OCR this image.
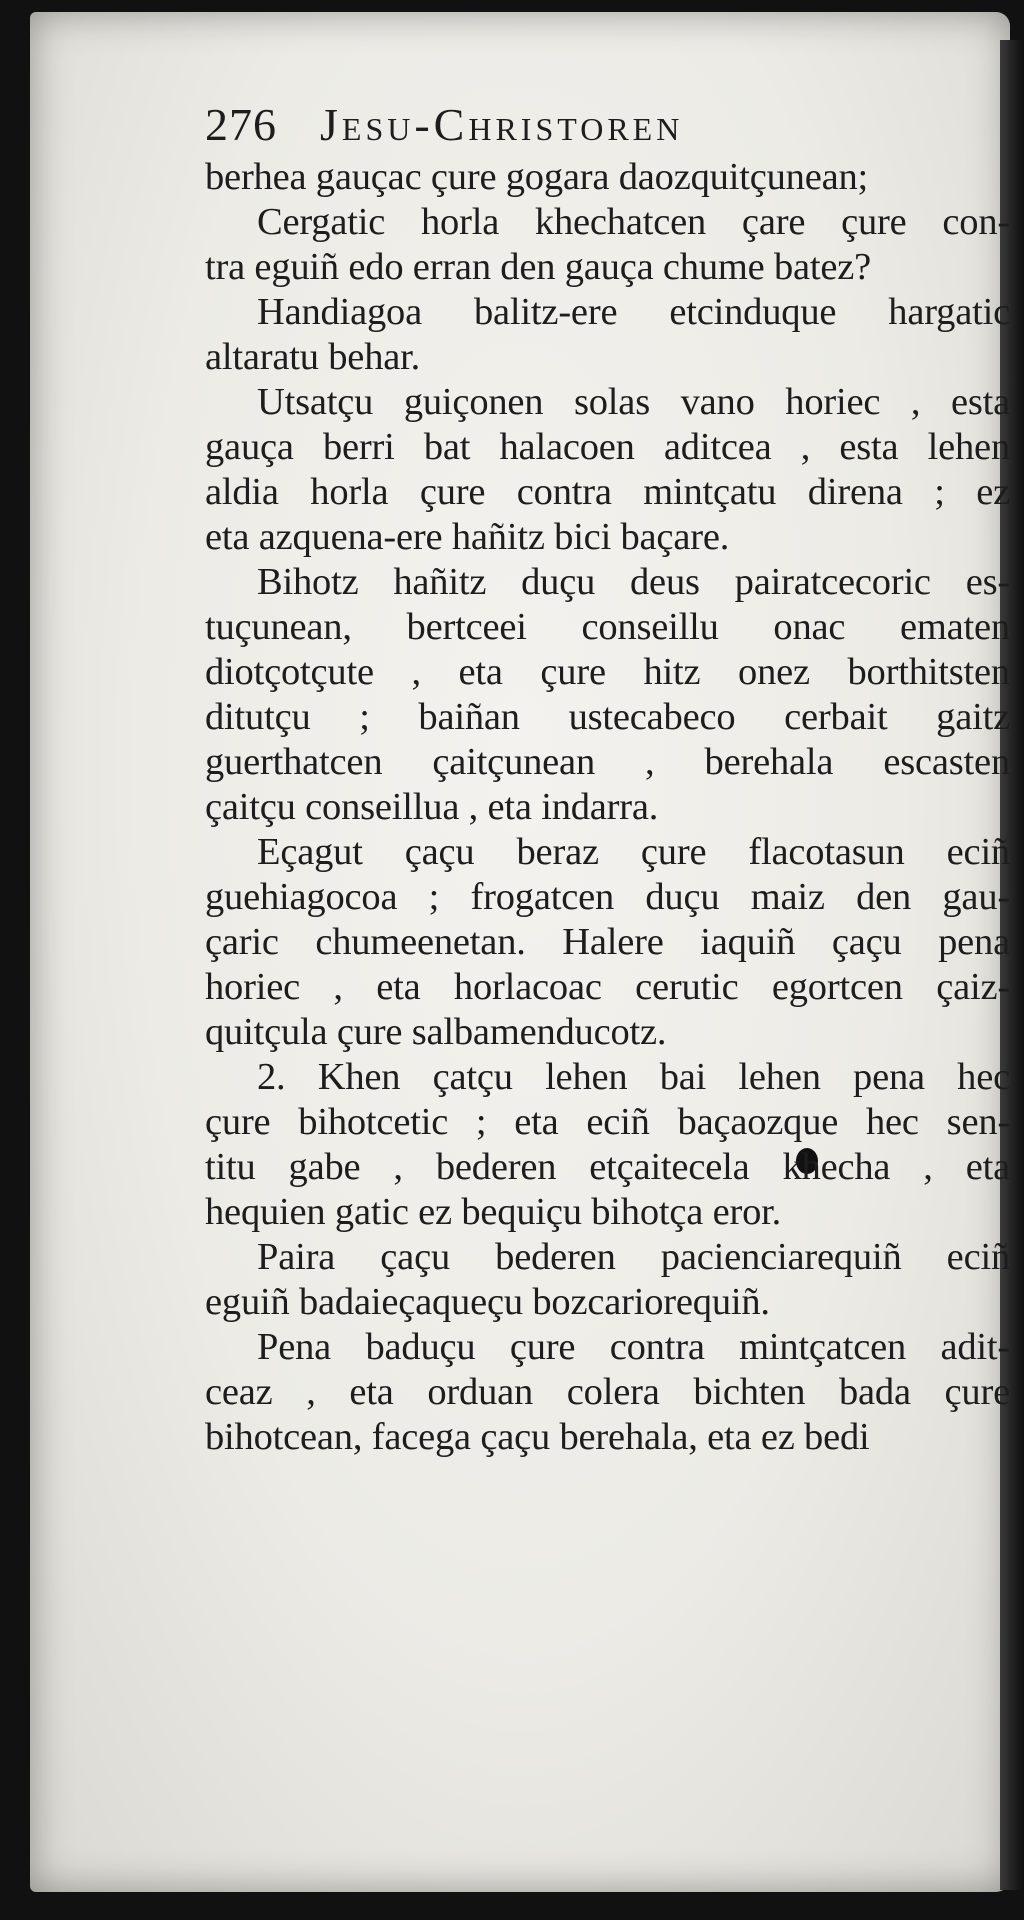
276 Jesu-Christoren
berhea gauçac çure gogara daozquitçunean;
Cergatic horla khechatcen çare çure con-
tra eguiñ edo erran den gauça chume batez?
Handiagoa balitz-ere etcinduque hargatic
altaratu behar.
Utsatçu guiçonen solas vano horiec , esta
gauça berri bat halacoen aditcea , esta lehen
aldia horla çure contra mintçatu direna ; ez
eta azquena-ere hañitz bici baçare.
Bihotz hañitz duçu deus pairatcecoric es-
tuçunean, bertceei conseillu onac ematen
diotçotçute , eta çure hitz onez borthitsten
ditutçu ; baiñan ustecabeco cerbait gaitz
guerthatcen çaitçunean , berehala escasten
çaitçu conseillua , eta indarra.
Eçagut çaçu beraz çure flacotasun eciñ
guehiagocoa ; frogatcen duçu maiz den gau-
çaric chumeenetan. Halere iaquiñ çaçu pena
horiec , eta horlacoac cerutic egortcen çaiz-
quitçula çure salbamenducotz.
2. Khen çatçu lehen bai lehen pena hec
çure bihotcetic ; eta eciñ baçaozque hec sen-
titu gabe , bederen etçaitecela khecha , eta
hequien gatic ez bequiçu bihotça eror.
Paira çaçu bederen pacienciarequiñ eciñ
eguiñ badaieçaqueçu bozcariorequiñ.
Pena baduçu çure contra mintçatcen adit-
ceaz , eta orduan colera bichten bada çure
bihotcean, facega çaçu berehala, eta ez bedi
